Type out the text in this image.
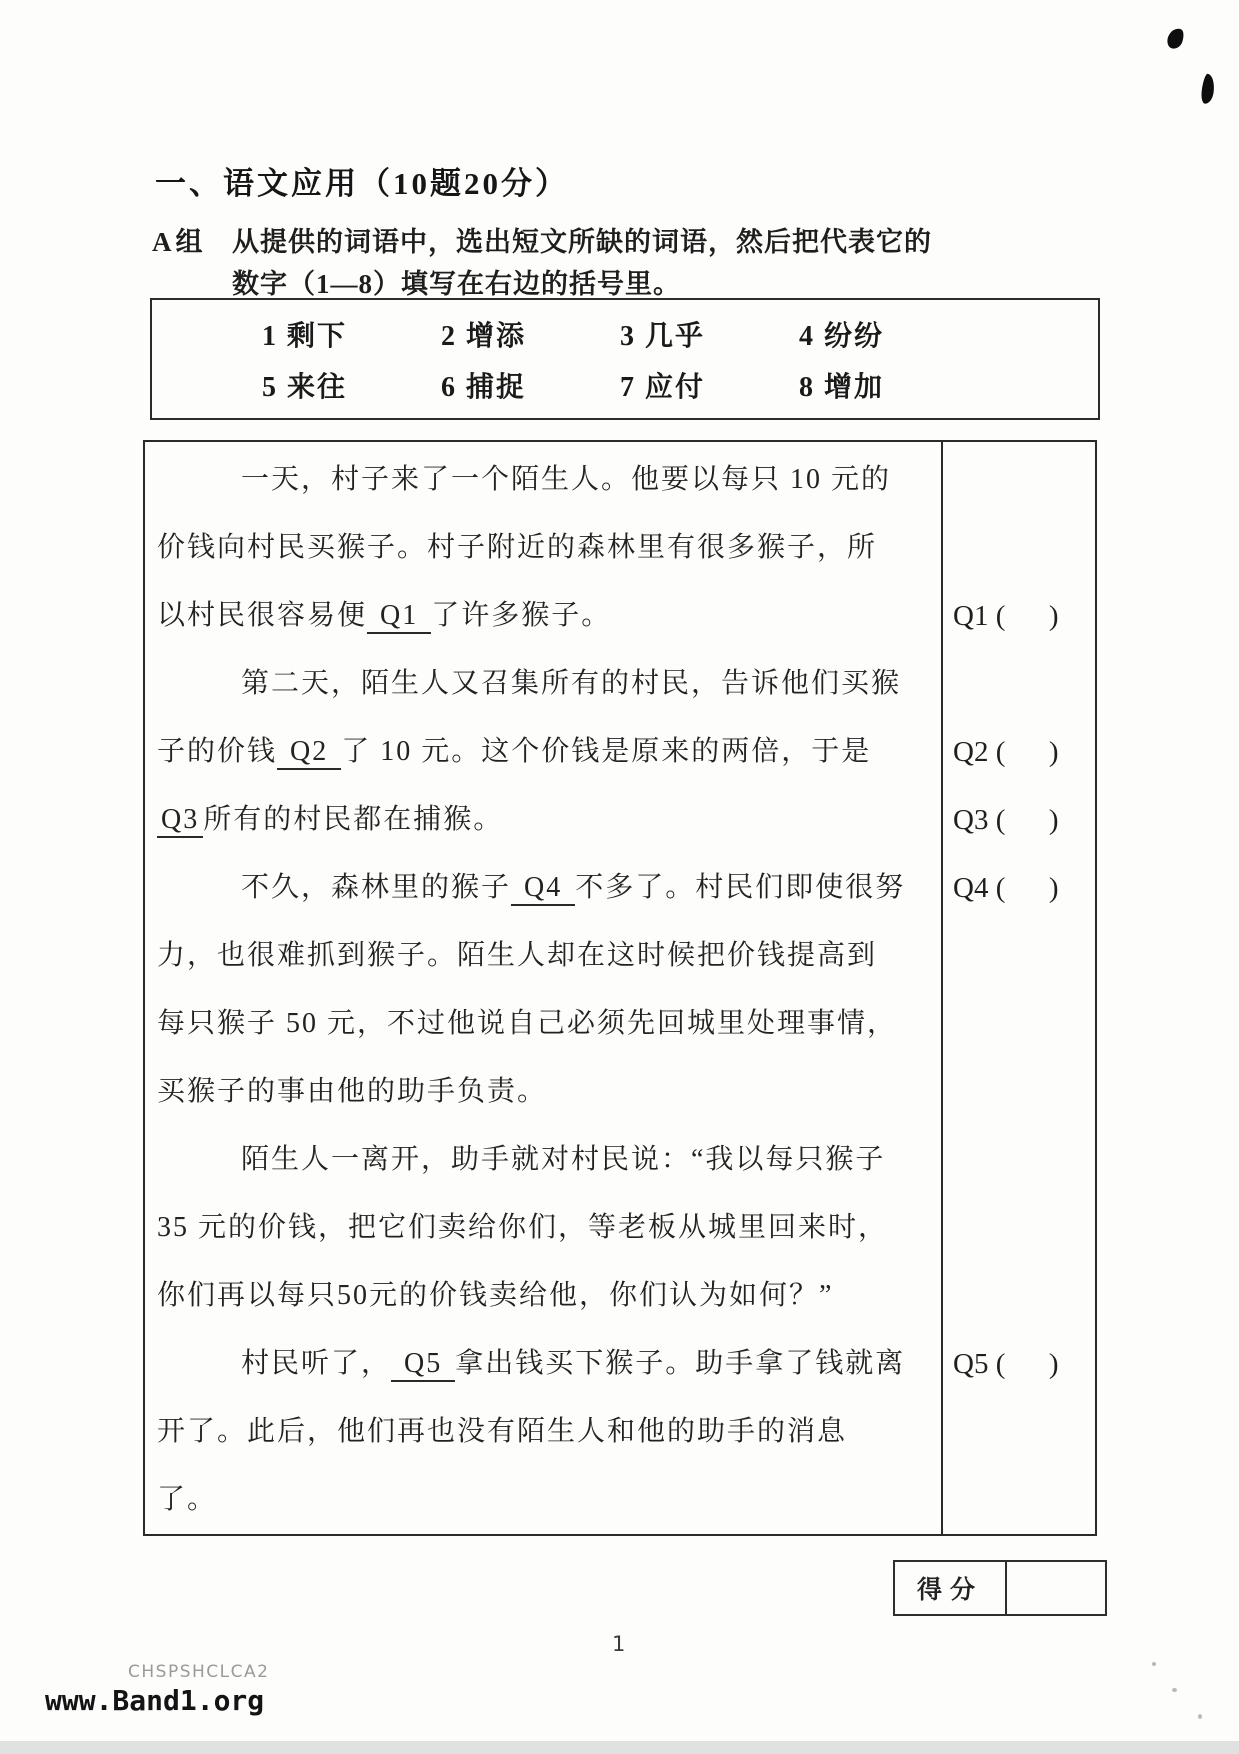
一、语文应用（10题20分）
A组 从提供的词语中，选出短文所缺的词语，然后把代表它的
数字（1—8）填写在右边的括号里。
1 剩下	2 增添	3 几乎	4 纷纷
5 来往	6 捕捉	7 应付	8 增加
一天，村子来了一个陌生人。他要以每只 10 元的
价钱向村民买猴子。村子附近的森林里有很多猴子，所
以村民很容易便 Q1 了许多猴子。
第二天，陌生人又召集所有的村民，告诉他们买猴
子的价钱 Q2 了 10 元。这个价钱是原来的两倍，于是
Q3 所有的村民都在捕猴。
不久，森林里的猴子 Q4 不多了。村民们即使很努
力，也很难抓到猴子。陌生人却在这时候把价钱提高到
每只猴子 50 元，不过他说自己必须先回城里处理事情，
买猴子的事由他的助手负责。
陌生人一离开，助手就对村民说：“我以每只猴子
35 元的价钱，把它们卖给你们，等老板从城里回来时，
你们再以每只50元的价钱卖给他，你们认为如何？”
村民听了， Q5 拿出钱买下猴子。助手拿了钱就离
开了。此后，他们再也没有陌生人和他的助手的消息
了。
Q1 (  )
Q2 (  )
Q3 (  )
Q4 (  )
Q5 (  )
得分
1
CHSPSHCLCA2
www.Band1.org
